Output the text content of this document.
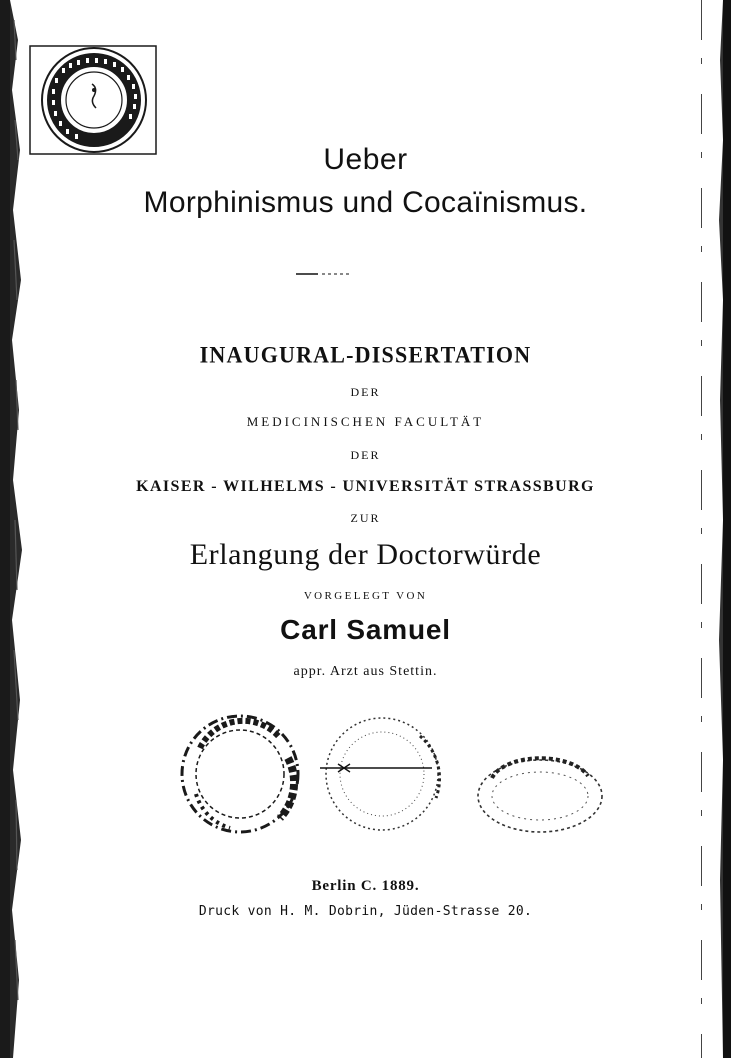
Ueber
Morphinismus und Cocaïnismus.
INAUGURAL-DISSERTATION
DER
MEDICINISCHEN FACULTÄT
DER
KAISER - WILHELMS - UNIVERSITÄT STRASSBURG
ZUR
Erlangung der Doctorwürde
VORGELEGT VON
Carl Samuel
appr. Arzt aus Stettin.
Berlin C. 1889.
Druck von H. M. Dobrin, Jüden-Strasse 20.
